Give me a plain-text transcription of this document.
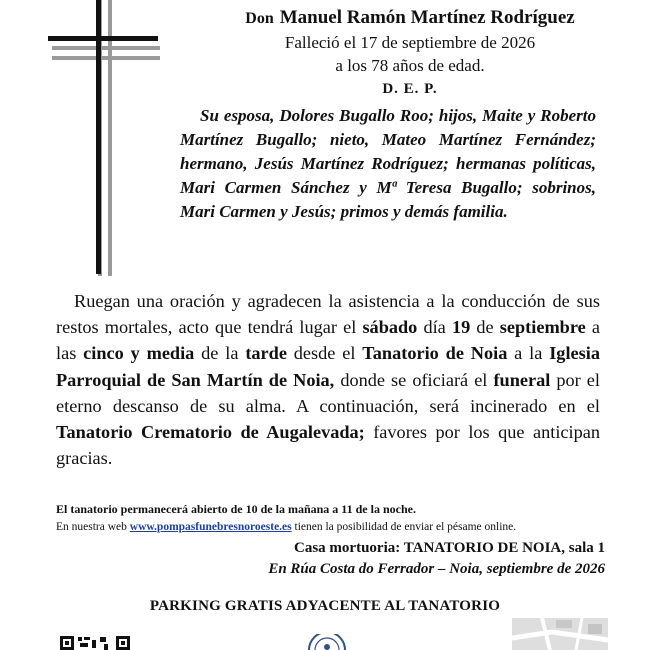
Don Manuel Ramón Martínez Rodríguez
Falleció el 17 de septiembre de 2026
a los 78 años de edad.
D. E. P.
Su esposa, Dolores Bugallo Roo; hijos, Maite y Roberto Martínez Bugallo; nieto, Mateo Martínez Fernández; hermano, Jesús Martínez Rodríguez; hermanas políticas, Mari Carmen Sánchez y Mª Teresa Bugallo; sobrinos, Mari Carmen y Jesús; primos y demás familia.
Ruegan una oración y agradecen la asistencia a la conducción de sus restos mortales, acto que tendrá lugar el sábado día 19 de septiembre a las cinco y media de la tarde desde el Tanatorio de Noia a la Iglesia Parroquial de San Martín de Noia, donde se oficiará el funeral por el eterno descanso de su alma. A continuación, será incinerado en el Tanatorio Crematorio de Augalevada; favores por los que anticipan gracias.
El tanatorio permanecerá abierto de 10 de la mañana a 11 de la noche.
En nuestra web www.pompasfunebresnoroeste.es tienen la posibilidad de enviar el pésame online.
Casa mortuoria: TANATORIO DE NOIA, sala 1
En Rúa Costa do Ferrador – Noia, septiembre de 2026
PARKING GRATIS ADYACENTE AL TANATORIO
